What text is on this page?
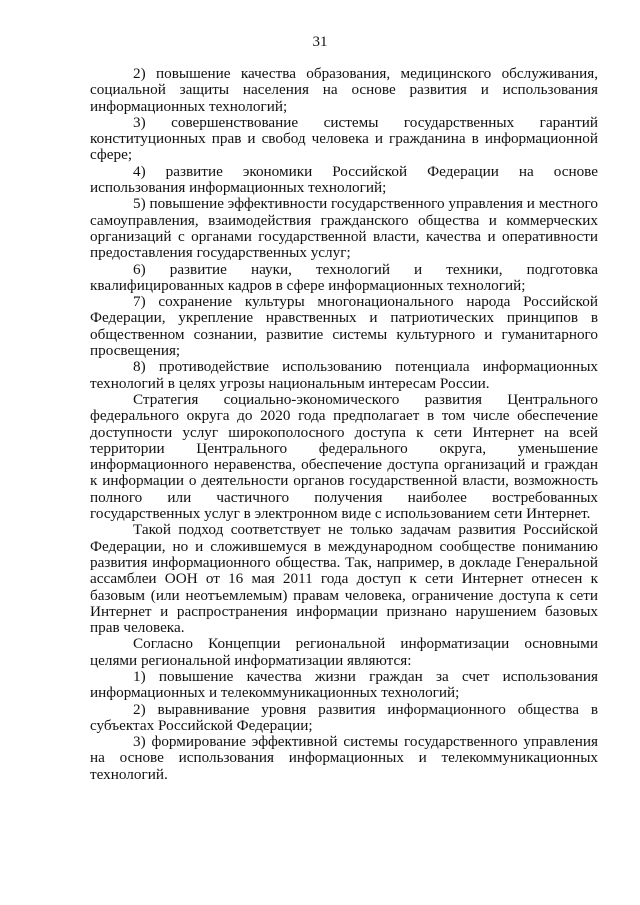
31

2) повышение качества образования, медицинского обслуживания, социальной защиты населения на основе развития и использования информационных технологий;

3) совершенствование системы государственных гарантий конституционных прав и свобод человека и гражданина в информационной сфере;

4) развитие экономики Российской Федерации на основе использования информационных технологий;

5) повышение эффективности государственного управления и местного самоуправления, взаимодействия гражданского общества и коммерческих организаций с органами государственной власти, качества и оперативности предоставления государственных услуг;

6) развитие науки, технологий и техники, подготовка квалифицированных кадров в сфере информационных технологий;

7) сохранение культуры многонационального народа Российской Федерации, укрепление нравственных и патриотических принципов в общественном сознании, развитие системы культурного и гуманитарного просвещения;

8) противодействие использованию потенциала информационных технологий в целях угрозы национальным интересам России.

Стратегия социально-экономического развития Центрального федерального округа до 2020 года предполагает в том числе обеспечение доступности услуг широкополосного доступа к сети Интернет на всей территории Центрального федерального округа, уменьшение информационного неравенства, обеспечение доступа организаций и граждан к информации о деятельности органов государственной власти, возможность полного или частичного получения наиболее востребованных государственных услуг в электронном виде с использованием сети Интернет.

Такой подход соответствует не только задачам развития Российской Федерации, но и сложившемуся в международном сообществе пониманию развития информационного общества. Так, например, в докладе Генеральной ассамблеи ООН от 16 мая 2011 года доступ к сети Интернет отнесен к базовым (или неотъемлемым) правам человека, ограничение доступа к сети Интернет и распространения информации признано нарушением базовых прав человека.

Согласно Концепции региональной информатизации основными целями региональной информатизации являются:

1) повышение качества жизни граждан за счет использования информационных и телекоммуникационных технологий;

2) выравнивание уровня развития информационного общества в субъектах Российской Федерации;

3) формирование эффективной системы государственного управления на основе использования информационных и телекоммуникационных технологий.
